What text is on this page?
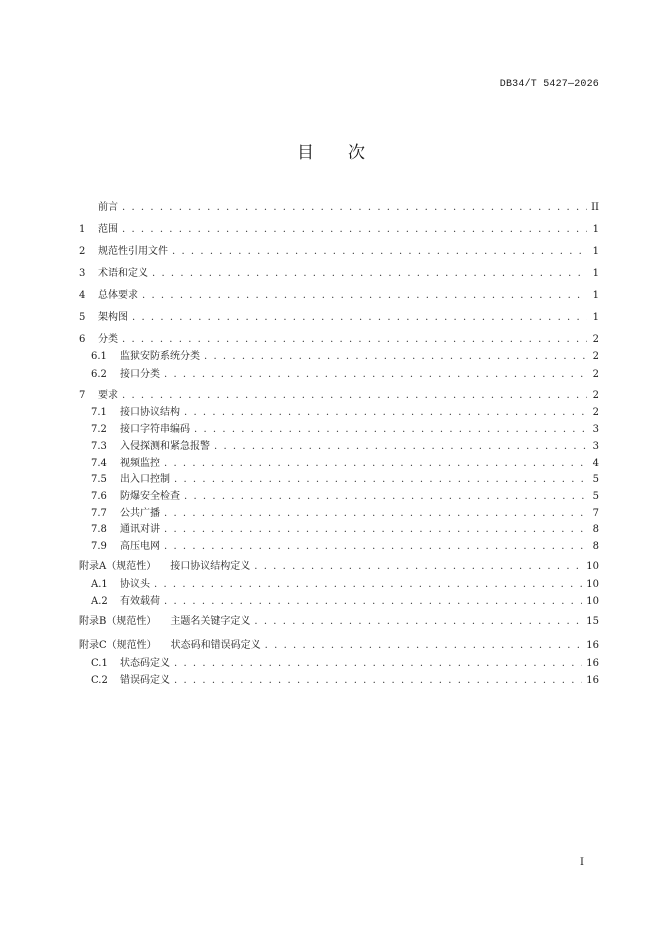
DB34/T 5427—2026
目 次
前言 . . .	II
1	范围 . . .	1
2	规范性引用文件 . . .	1
3	术语和定义 . . .	1
4	总体要求 . . .	1
5	架构图 . . .	1
6	分类 . . .	2
6.1	监狱安防系统分类 . . .	2
6.2	接口分类 . . .	2
7	要求 . . .	2
7.1	接口协议结构 . . .	2
7.2	接口字符串编码 . . .	3
7.3	入侵探测和紧急报警 . . .	3
7.4	视频监控 . . .	4
7.5	出入口控制 . . .	5
7.6	防爆安全检查 . . .	5
7.7	公共广播 . . .	7
7.8	通讯对讲 . . .	8
7.9	高压电网 . . .	8
附录A（规范性） 接口协议结构定义 . . .	10
A.1 协议头 . . .	10
A.2 有效载荷 . . .	10
附录B（规范性） 主题名关键字定义 . . .	15
附录C（规范性） 状态码和错误码定义 . . .	16
C.1 状态码定义 . . .	16
C.2 错误码定义 . . .	16
I
